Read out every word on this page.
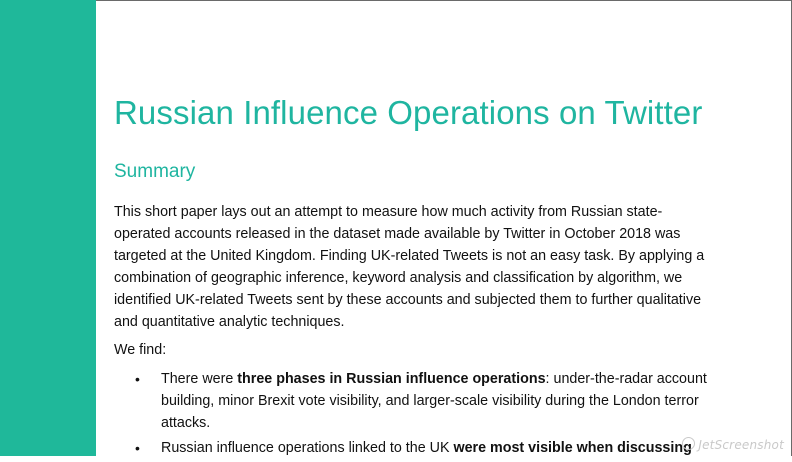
Russian Influence Operations on Twitter
Summary

This short paper lays out an attempt to measure how much activity from Russian state-
operated accounts released in the dataset made available by Twitter in October 2018 was
targeted at the United Kingdom. Finding UK-related Tweets is not an easy task. By applying a
combination of geographic inference, keyword analysis and classification by algorithm, we
identified UK-related Tweets sent by these accounts and subjected them to further qualitative
and quantitative analytic techniques.

We find:

• There were three phases in Russian influence operations: under-the-radar account
building, minor Brexit vote visibility, and larger-scale visibility during the London terror
attacks.
• Russian influence operations linked to the UK were most visible when discussing JetScreenshot
